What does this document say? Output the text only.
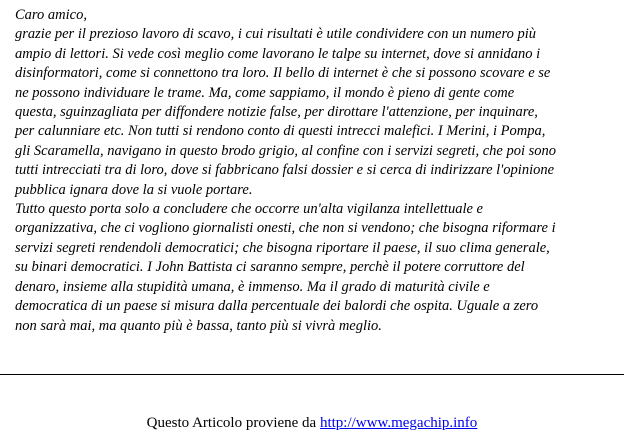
Caro amico,

grazie per il prezioso lavoro di scavo, i cui risultati è utile condividere con un numero più

ampio di lettori. Si vede così meglio come lavorano le talpe su internet, dove si annidano i

disinformatori, come si connettono tra loro. Il bello di internet è che si possono scovare e se

ne possono individuare le trame. Ma, come sappiamo, il mondo è pieno di gente come

questa, sguinzagliata per diffondere notizie false, per dirottare l'attenzione, per inquinare,

per calunniare etc. Non tutti si rendono conto di questi intrecci malefici. I Merini, i Pompa,

gli Scaramella, navigano in questo brodo grigio, al confine con i servizi segreti, che poi sono

tutti intrecciati tra di loro, dove si fabbricano falsi dossier e si cerca di indirizzare l'opinione

pubblica ignara dove la si vuole portare.

Tutto questo porta solo a concludere che occorre un'alta vigilanza intellettuale e

organizzativa, che ci vogliono giornalisti onesti, che non si vendono; che bisogna riformare i

servizi segreti rendendoli democratici; che bisogna riportare il paese, il suo clima generale,

su binari democratici. I John Battista ci saranno sempre, perchè il potere corruttore del

denaro, insieme alla stupidità umana, è immenso. Ma il grado di maturità civile e

democratica di un paese si misura dalla percentuale dei balordi che ospita. Uguale a zero

non sarà mai, ma quanto più è bassa, tanto più si vivrà meglio.

Questo Articolo proviene da http://www.megachip.info
